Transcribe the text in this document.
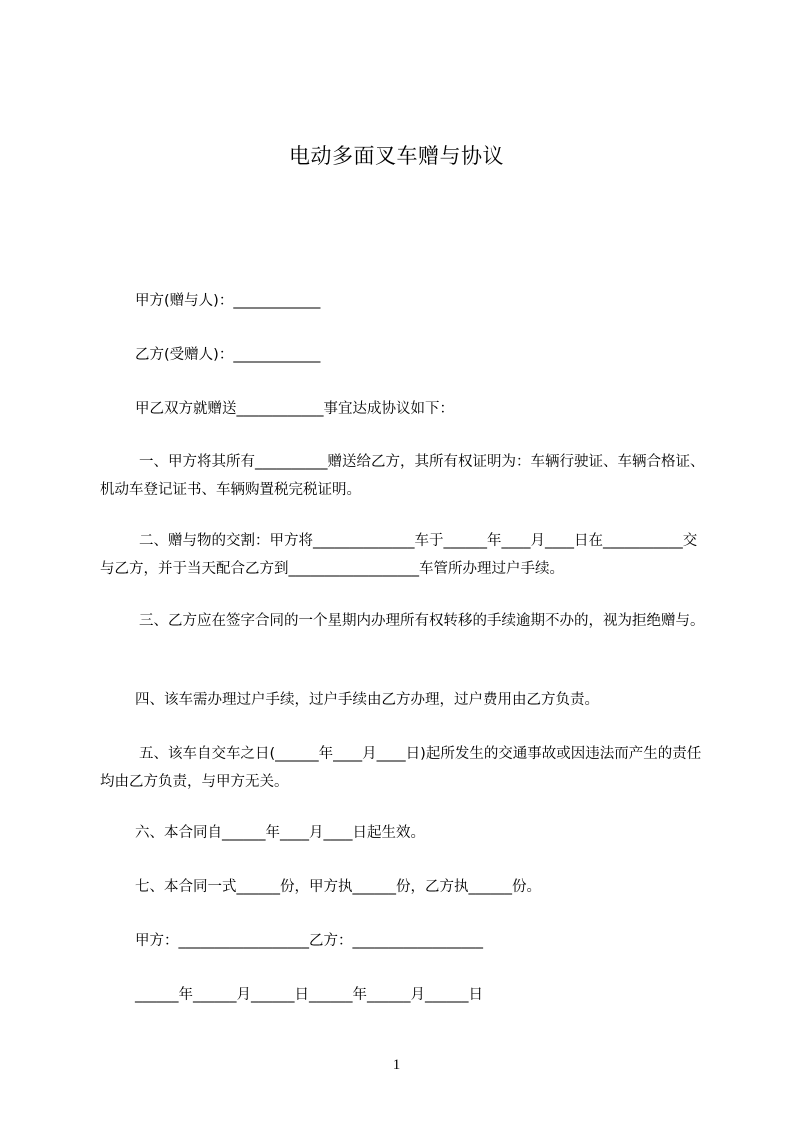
电动多面叉车赠与协议
甲方(赠与人)：____________
乙方(受赠人)：____________
甲乙双方就赠送____________事宜达成协议如下：
一、甲方将其所有__________赠送给乙方，其所有权证明为：车辆行驶证、车辆合格证、机动车登记证书、车辆购置税完税证明。
二、赠与物的交割：甲方将______________车于______年____月____日在___________交与乙方，并于当天配合乙方到__________________车管所办理过户手续。
三、乙方应在签字合同的一个星期内办理所有权转移的手续逾期不办的，视为拒绝赠与。
四、该车需办理过户手续，过户手续由乙方办理，过户费用由乙方负责。
五、该车自交车之日(______年____月____日)起所发生的交通事故或因违法而产生的责任均由乙方负责，与甲方无关。
六、本合同自______年____月____日起生效。
七、本合同一式______份，甲方执______份，乙方执______份。
甲方：__________________乙方：__________________
______年______月______日______年______月______日
1
